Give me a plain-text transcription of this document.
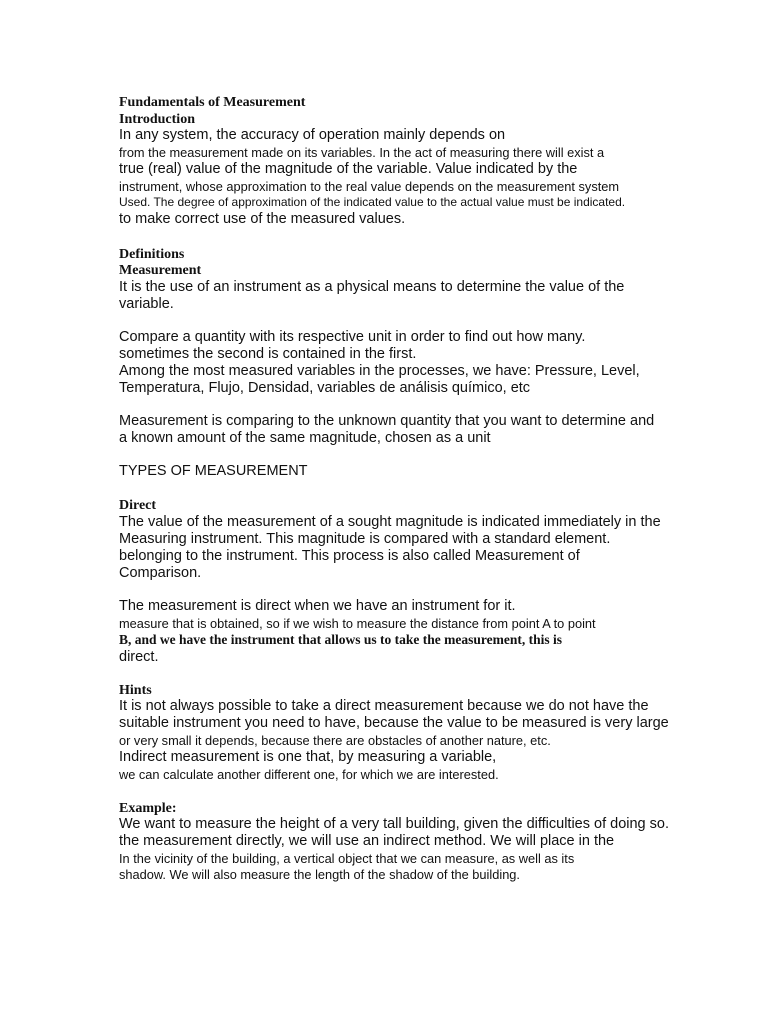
Fundamentals of Measurement
Introduction
In any system, the accuracy of operation mainly depends on
from the measurement made on its variables. In the act of measuring there will exist a
true (real) value of the magnitude of the variable. Value indicated by the
instrument, whose approximation to the real value depends on the measurement system
Used. The degree of approximation of the indicated value to the actual value must be indicated.
to make correct use of the measured values.
Definitions
Measurement
It is the use of an instrument as a physical means to determine the value of the
variable.
Compare a quantity with its respective unit in order to find out how many.
sometimes the second is contained in the first.
Among the most measured variables in the processes, we have: Pressure, Level,
Temperatura, Flujo, Densidad, variables de análisis químico, etc
Measurement is comparing to the unknown quantity that you want to determine and
a known amount of the same magnitude, chosen as a unit
TYPES OF MEASUREMENT
Direct
The value of the measurement of a sought magnitude is indicated immediately in the
Measuring instrument. This magnitude is compared with a standard element.
belonging to the instrument. This process is also called Measurement of
Comparison.
The measurement is direct when we have an instrument for it.
measure that is obtained, so if we wish to measure the distance from point A to point
B, and we have the instrument that allows us to take the measurement, this is
direct.
Hints
It is not always possible to take a direct measurement because we do not have the
suitable instrument you need to have, because the value to be measured is very large
or very small it depends, because there are obstacles of another nature, etc.
Indirect measurement is one that, by measuring a variable,
we can calculate another different one, for which we are interested.
Example:
We want to measure the height of a very tall building, given the difficulties of doing so.
the measurement directly, we will use an indirect method. We will place in the
In the vicinity of the building, a vertical object that we can measure, as well as its
shadow. We will also measure the length of the shadow of the building.
